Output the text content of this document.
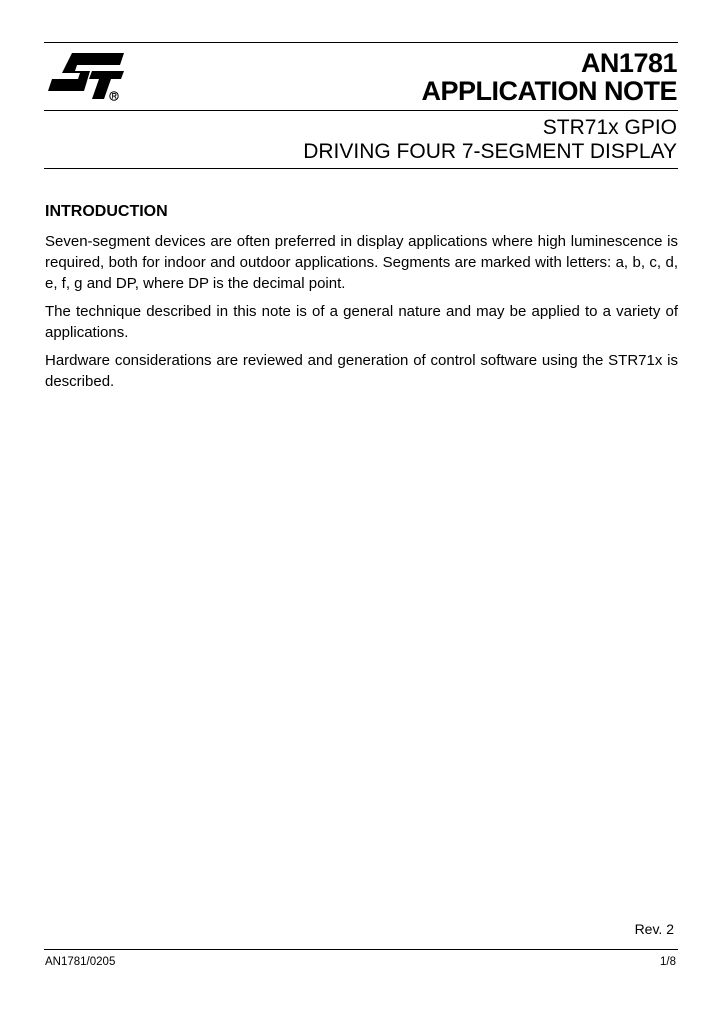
AN1781
APPLICATION NOTE
STR71x GPIO
DRIVING FOUR 7-SEGMENT DISPLAY
INTRODUCTION

Seven-segment devices are often preferred in display applications where high luminescence is required, both for indoor and outdoor applications. Segments are marked with letters: a, b, c, d, e, f, g and DP, where DP is the decimal point.

The technique described in this note is of a general nature and may be applied to a variety of applications.

Hardware considerations are reviewed and generation of control software using the STR71x is described.

Rev. 2
AN1781/0205	1/8
